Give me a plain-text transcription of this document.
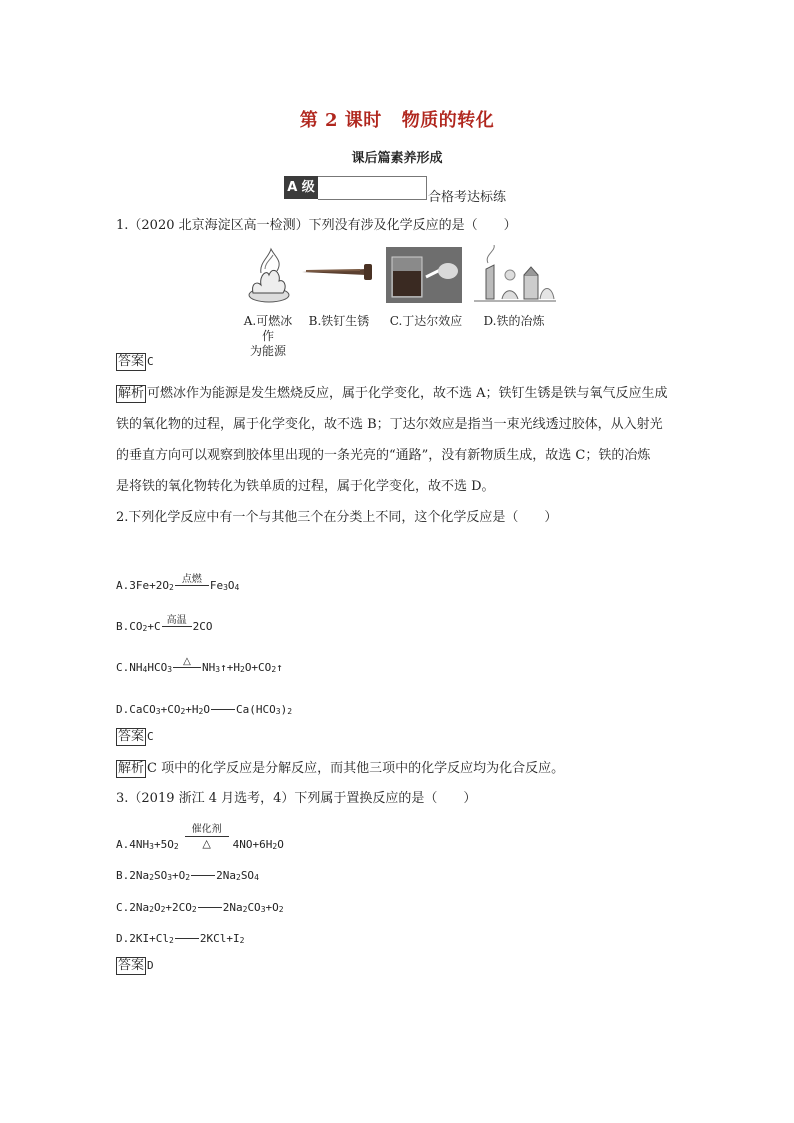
第 2 课时 物质的转化
课后篇素养形成
A 级
合格考达标练
1.（2020 北京海淀区高一检测）下列没有涉及化学反应的是（　　）
A.可燃冰作
为能源
B.铁钉生锈 C.丁达尔效应 D.铁的冶炼
答案 C
解析 可燃冰作为能源是发生燃烧反应，属于化学变化，故不选 A；铁钉生锈是铁与氧气反应生成
铁的氧化物的过程，属于化学变化，故不选 B；丁达尔效应是指当一束光线透过胶体，从入射光
的垂直方向可以观察到胶体里出现的一条光亮的“通路”，没有新物质生成，故选 C；铁的冶炼
是将铁的氧化物转化为铁单质的过程，属于化学变化，故不选 D。
2.下列化学反应中有一个与其他三个在分类上不同，这个化学反应是（　　）
A. 3Fe+2O 2
点燃 Fe 3 O 4
B. CO 2 +C 高温 2CO
C. NH 4 HCO 3
△ NH 3 ↑+H 2 O+CO 2 ↑
D. CaCO 3 +CO 2 +H 2 O Ca(HCO 3 ) 2
答案 C
解析 C 项中的化学反应是分解反应，而其他三项中的化学反应均为化合反应。
3.（2019 浙江 4 月选考，4）下列属于置换反应的是（　　）
A. 4NH 3 +5O 2
催化剂
△ 4NO+6H 2 O
B. 2Na 2 SO 3 +O 2 2Na 2 SO 4
C. 2Na 2 O 2 +2CO 2 2Na 2 CO 3 +O 2
D. 2KI+Cl 2 2KCl+I 2
答案 D
